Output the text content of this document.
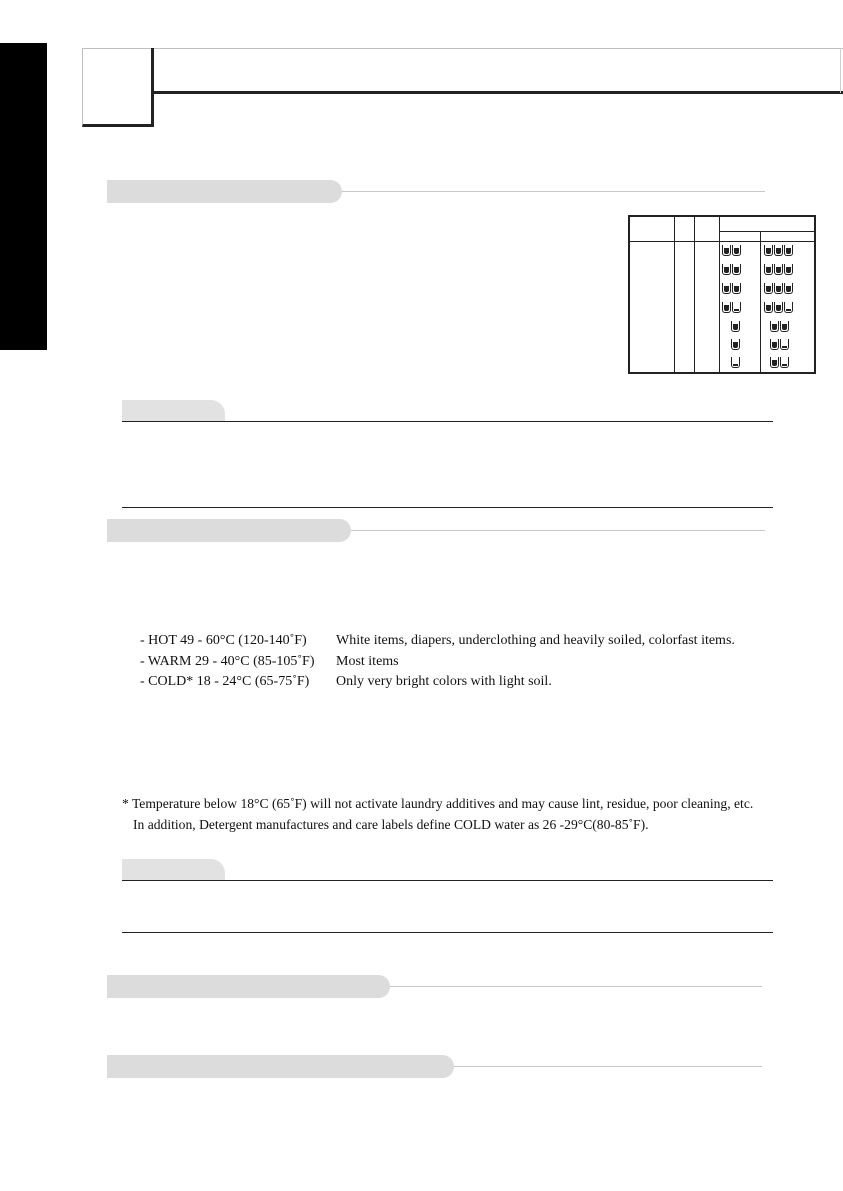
- HOT 49 - 60°C (120-140˚F) White items, diapers, underclothing and heavily soiled, colorfast items.
- WARM 29 - 40°C (85-105˚F) Most items
- COLD* 18 - 24°C (65-75˚F) Only very bright colors with light soil.
* Temperature below 18°C (65˚F) will not activate laundry additives and may cause lint, residue, poor cleaning, etc.
In addition, Detergent manufactures and care labels define COLD water as 26 -29°C(80-85˚F).
